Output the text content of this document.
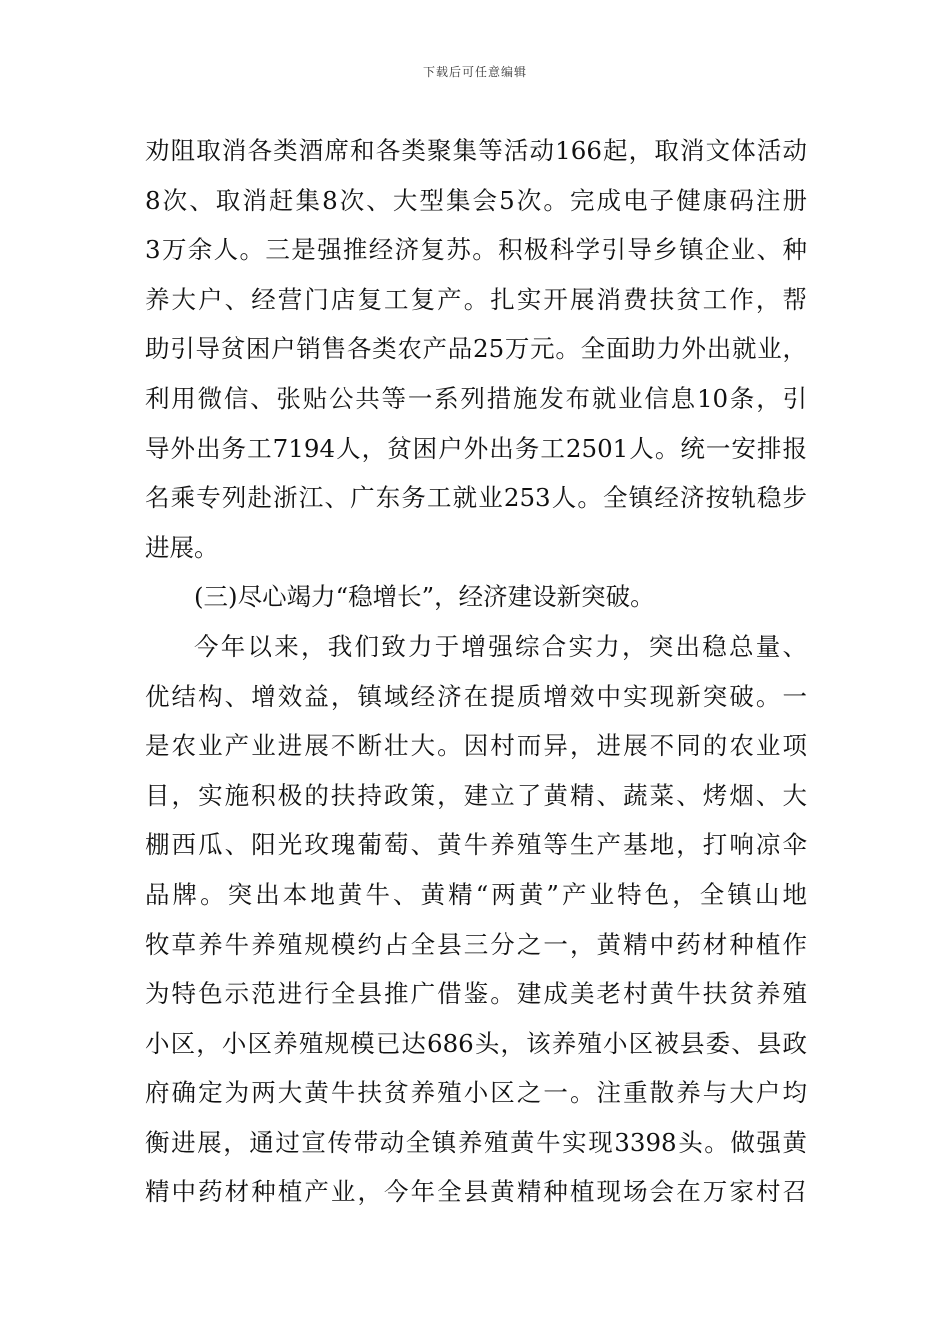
下载后可任意编辑
劝阻取消各类酒席和各类聚集等活动166起，取消文体活动
8次、取消赶集8次、大型集会5次。完成电子健康码注册
3万余人。三是强推经济复苏。积极科学引导乡镇企业、种
养大户、经营门店复工复产。扎实开展消费扶贫工作，帮
助引导贫困户销售各类农产品25万元。全面助力外出就业，
利用微信、张贴公共等一系列措施发布就业信息10条，引
导外出务工7194人，贫困户外出务工2501人。统一安排报
名乘专列赴浙江、广东务工就业253人。全镇经济按轨稳步
进展。
(三)尽心竭力“稳增长”，经济建设新突破。
今年以来，我们致力于增强综合实力，突出稳总量、
优结构、增效益，镇域经济在提质增效中实现新突破。一
是农业产业进展不断壮大。因村而异，进展不同的农业项
目，实施积极的扶持政策，建立了黄精、蔬菜、烤烟、大
棚西瓜、阳光玫瑰葡萄、黄牛养殖等生产基地，打响凉伞
品牌。突出本地黄牛、黄精“两黄”产业特色，全镇山地
牧草养牛养殖规模约占全县三分之一，黄精中药材种植作
为特色示范进行全县推广借鉴。建成美老村黄牛扶贫养殖
小区，小区养殖规模已达686头，该养殖小区被县委、县政
府确定为两大黄牛扶贫养殖小区之一。注重散养与大户均
衡进展，通过宣传带动全镇养殖黄牛实现3398头。做强黄
精中药材种植产业，今年全县黄精种植现场会在万家村召
